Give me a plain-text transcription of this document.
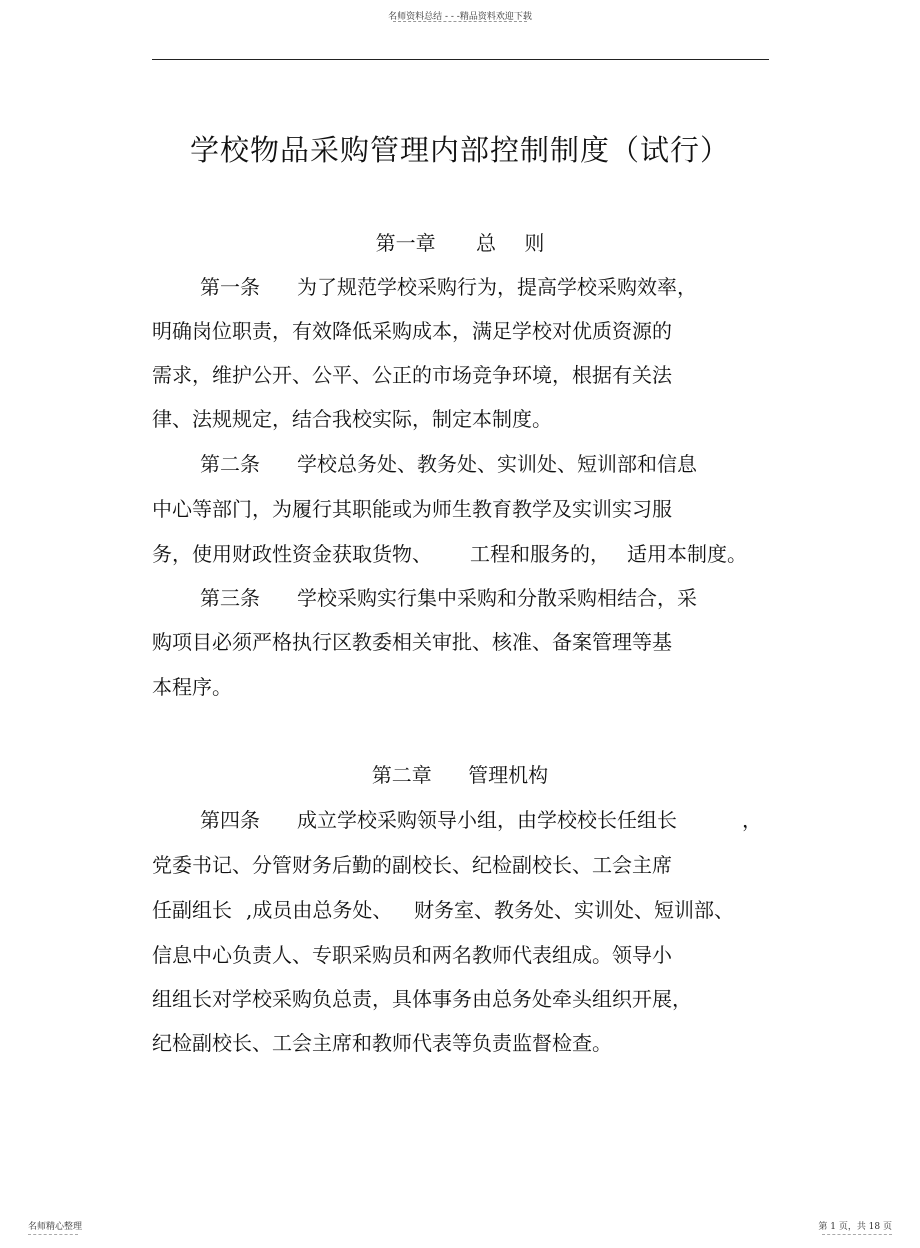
名师资料总结 - - -精品资料欢迎下载
学校物品采购管理内部控制制度（试行）
第一章 总 则
第一条 为了规范学校采购行为，提高学校采购效率，
明确岗位职责，有效降低采购成本，满足学校对优质资源的
需求，维护公开、公平、公正的市场竞争环境，根据有关法
律、法规规定，结合我校实际，制定本制度。
第二条 学校总务处、教务处、实训处、短训部和信息
中心等部门，为履行其职能或为师生教育教学及实训实习服
务，使用财政性资金获取货物、 工程和服务的， 适用本制度。
第三条 学校采购实行集中采购和分散采购相结合，采
购项目必须严格执行区教委相关审批、核准、备案管理等基
本程序。
第二章 管理机构
第四条 成立学校采购领导小组，由学校校长任组长	，
党委书记、分管财务后勤的副校长、纪检副校长、工会主席
任副组长 ,成员由总务处、 财务室、教务处、实训处、短训部、
信息中心负责人、专职采购员和两名教师代表组成。领导小
组组长对学校采购负总责，具体事务由总务处牵头组织开展，
纪检副校长、工会主席和教师代表等负责监督检查。
名师精心整理	第 1 页，共 18 页
